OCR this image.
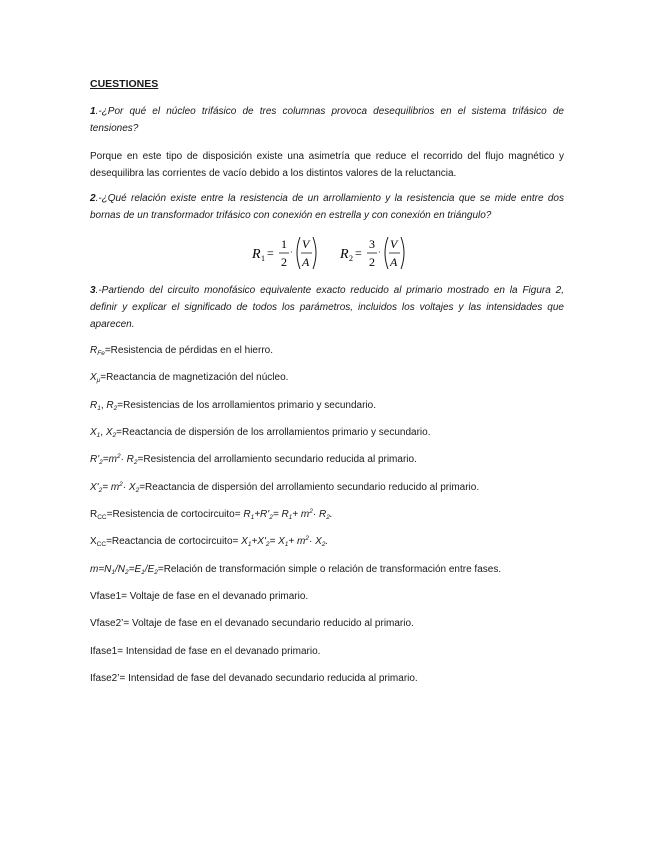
CUESTIONES

1.-¿Por qué el núcleo trifásico de tres columnas provoca desequilibrios en el sistema trifásico de tensiones?

Porque en este tipo de disposición existe una asimetría que reduce el recorrido del flujo magnético y desequilibra las corrientes de vacío debido a los distintos valores de la reluctancia.

2.-¿Qué relación existe entre la resistencia de un arrollamiento y la resistencia que se mide entre dos bornas de un transformador trifásico con conexión en estrella y con conexión en triángulo?

R 1 =
1
2
·
V
A R 2 =
3
2
·
V
A

3.-Partiendo del circuito monofásico equivalente exacto reducido al primario mostrado en la Figura 2, definir y explicar el significado de todos los parámetros, incluidos los voltajes y las intensidades que aparecen.

$R_{Fe}=Resistencia$ de pérdidas en el hierro.

$X_\mu=Reactancia$ de magnetización del núcleo.

$R_1$, $R_2=Resistencias$ de los arrollamientos primario y secundario.

$X_1$, $X_2=Reactancia$ de dispersión de los arrollamientos primario y secundario.

$R'_2=m^2\cdot$ $R_2=Resistencia$ del arrollamiento secundario reducida al primario.

$X'_2= m^2\cdot$ $X_2=Reactancia$ de dispersión del arrollamiento secundario reducido al primario.

$R_{CC}=Resistencia$ de cortocircuito= $R_1+R'_2= R_1+ m^2\cdot R_2$.

$X_{CC}=Reactancia$ de cortocircuito= $X_1+X'_2= X_1+ m^2\cdot X_2$.

$m=N_1/N_2=E_1/E_2=Relación$ de transformación simple o relación de transformación entre fases.

Vfase1= Voltaje de fase en el devanado primario.

Vfase2’= Voltaje de fase en el devanado secundario reducido al primario.

Ifase1= Intensidad de fase en el devanado primario.

Ifase2’= Intensidad de fase del devanado secundario reducida al primario.
